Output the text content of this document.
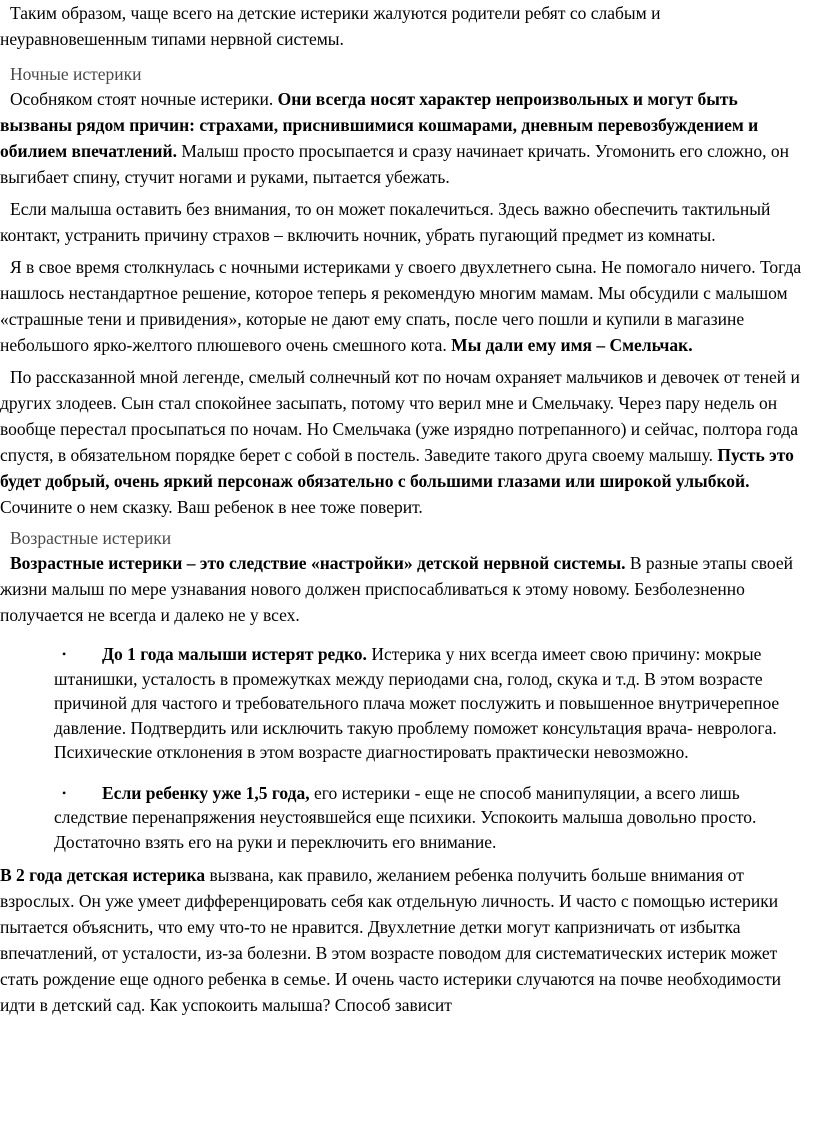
Таким образом, чаще всего на детские истерики жалуются родители ребят со слабым и неуравновешенным типами нервной системы.

Ночные истерики

Особняком стоят ночные истерики. Они всегда носят характер непроизвольных и могут быть вызваны рядом причин: страхами, приснившимися кошмарами, дневным перевозбуждением и обилием впечатлений. Малыш просто просыпается и сразу начинает кричать. Угомонить его сложно, он выгибает спину, стучит ногами и руками, пытается убежать.

Если малыша оставить без внимания, то он может покалечиться. Здесь важно обеспечить тактильный контакт, устранить причину страхов – включить ночник, убрать пугающий предмет из комнаты.

Я в свое время столкнулась с ночными истериками у своего двухлетнего сына. Не помогало ничего. Тогда нашлось нестандартное решение, которое теперь я рекомендую многим мамам. Мы обсудили с малышом «страшные тени и привидения», которые не дают ему спать, после чего пошли и купили в магазине небольшого ярко-желтого плюшевого очень смешного кота. Мы дали ему имя – Смельчак.

По рассказанной мной легенде, смелый солнечный кот по ночам охраняет мальчиков и девочек от теней и других злодеев. Сын стал спокойнее засыпать, потому что верил мне и Смельчаку. Через пару недель он вообще перестал просыпаться по ночам. Но Смельчака (уже изрядно потрепанного) и сейчас, полтора года спустя, в обязательном порядке берет с собой в постель. Заведите такого друга своему малышу. Пусть это будет добрый, очень яркий персонаж обязательно с большими глазами или широкой улыбкой. Сочините о нем сказку. Ваш ребенок в нее тоже поверит.

Возрастные истерики

Возрастные истерики – это следствие «настройки» детской нервной системы. В разные этапы своей жизни малыш по мере узнавания нового должен приспосабливаться к этому новому. Безболезненно получается не всегда и далеко не у всех.

•	До 1 года малыши истерят редко. Истерика у них всегда имеет свою причину: мокрые штанишки, усталость в промежутках между периодами сна, голод, скука и т.д. В этом возрасте причиной для частого и требовательного плача может послужить и повышенное внутричерепное давление. Подтвердить или исключить такую проблему поможет консультация врача- невролога. Психические отклонения в этом возрасте диагностировать практически невозможно.
•	Если ребенку уже 1,5 года, его истерики - еще не способ манипуляции, а всего лишь следствие перенапряжения неустоявшейся еще психики. Успокоить малыша довольно просто. Достаточно взять его на руки и переключить его внимание.

В 2 года детская истерика вызвана, как правило, желанием ребенка получить больше внимания от взрослых. Он уже умеет дифференцировать себя как отдельную личность. И часто с помощью истерики пытается объяснить, что ему что-то не нравится. Двухлетние детки могут капризничать от избытка впечатлений, от усталости, из-за болезни. В этом возрасте поводом для систематических истерик может стать рождение еще одного ребенка в семье. И очень часто истерики случаются на почве необходимости идти в детский сад. Как успокоить малыша? Способ зависит
